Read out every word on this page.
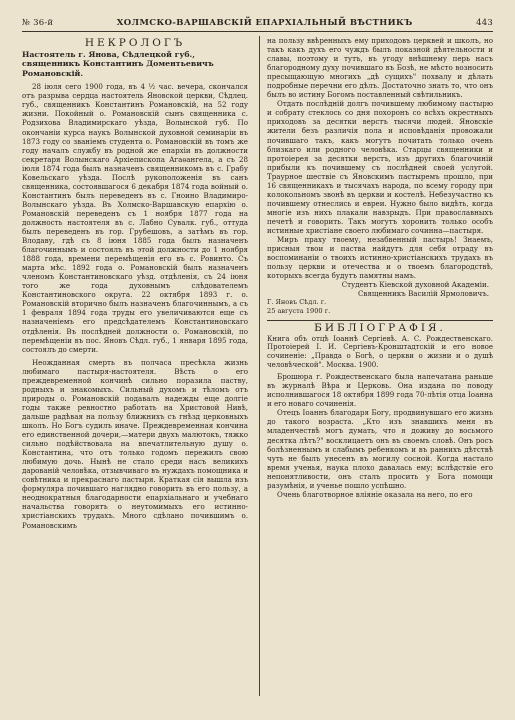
№ 36-й	ХОЛМСКО-ВАРШАВСКІЙ ЕПАРХІАЛЬНЫЙ ВѢСТНИКЪ	443
НЕКРОЛОГЪ
Настоятель г. Янова, Сѣдлецкой губ., священникъ Константинъ Доментьевичъ Романовскій.

28 іюля сего 1900 года, въ 4 ½ час. вечера, скончался отъ разрыва сердца настоятель Яновской церкви, Сѣдлец. губ., священникъ Константинъ Романовскій, на 52 году жизни. Покойный о. Романовскій сынъ священника с. Родзихова Владимирскаго уѣзда, Волынской губ. По окончаніи курса наукъ Волынской духовной семинаріи въ 1873 году со званіемъ студента о. Романовскій въ томъ же году началъ службу въ родной же епархіи въ должности секретаря Волынскаго Архіепископа Агаѳангела, а съ 28 іюля 1874 года былъ назначенъ священникомъ въ с. Грабу Ковельскаго уѣзда. Послѣ рукоположенія въ санъ священника, состоявшагося 6 декабря 1874 года войный о. Константинъ былъ переведенъ въ с. Гноино Владимиро-Волынскаго уѣзда. Въ Холмско-Варшавскую епархію о. Романовскій переведенъ съ 1 ноября 1877 года на должность настоятеля въ с. Лабно Сувалк. губ., оттуда былъ переведенъ въ гор. Грубешовъ, а затѣмъ въ гор. Влодаву, гдѣ съ 8 іюня 1885 года былъ назначенъ благочиннымъ и состоялъ въ этой должности до 1 ноября 1888 года, времени перемѣщенія его въ с. Ровинто. Съ марта мѣс. 1892 года о. Романовскій былъ назначенъ членомъ Константиновскаго уѣзд. отдѣленія, съ 24 іюня того же года духовнымъ слѣдователемъ Константиновского округа. 22 октября 1893 г. о. Романовскій вторично былъ назначенъ благочиннымъ, а съ 1 февраля 1894 года труды его увеличиваются еще съ назначеніемъ его предсѣдателемъ Константиновскаго отдѣленія. Въ послѣдней должности о. Романовскій, по перемѣщеніи въ пос. Яновъ Сѣдл. губ., 1 января 1895 года, состоялъ до смерти.

Неожданная смерть въ полчаса пресѣкла жизнь любимаго пастыря-настоятеля. Вѣсть о его преждевременной кончинѣ сильно поразила паству, родныхъ и знакомыхъ. Сильный духомъ и тѣломъ отъ природы о. Романовскій подавалъ надежды еще долгіе годы также ревностно работать на Христовой Нивѣ, дальше радѣвая на пользу ближнихъ съ гнѣзд церковныхъ школъ. Но Богъ судилъ иначе. Преждевременная кончина его единственной дочери,—матери двухъ малютокъ, тяжко сильно подѣйствовала на впечатлительную душу о. Константина, что отъ только годомъ пережилъ свою любимую дочь. Нынѣ не стало среди насъ великихъ дарованій человѣка, отзывчиваго въ нуждахъ помощника и совѣтника и прекраснаго пастыря. Краткая сія вышла изъ формуляра почившаго нагляднo говорить въ его пользу, а неоднократныя благодарности епархіальнаго и учебнаго начальства говорятъ о неутомимыхъ его истинно-христіанскихъ трудахъ. Много сдѣлано почившимъ о. Романовскимъ

на пользу ввѣренныхъ ему приходовъ церквей и школъ, но такъ какъ духъ его чуждъ былъ показной дѣятельности и славы, поэтому и тутъ, въ угоду внѣшнему перь насъ благородному духу почившаго въ Бозѣ, не мѣсто возносить пресыщающую многихъ „дѣ сущихъ" похвалу и дѣлать подробные перечни его дѣлъ. Достаточно знать то, что онъ былъ во истину Богомъ поставленный свѣтильникъ.

Отдать послѣдній долгъ почившему любимому пастырю и собрату стеклось со дня похоронъ со всѣхъ окрестныхъ приходовъ за десятки верстъ тысячи людей. Яновскіе жители безъ различія пола и исповѣданія провожали почившаго такъ, какъ могутъ почитать только очень близкаго или родного человѣка. Старцы священники и протоіерея за десятки верстъ, изъ другихъ благочиній прибыли къ почившему съ послѣдней своей услугой. Траурное шествіе съ Яновскимъ пастыремъ прошло, при 16 священникахъ и тысячахъ народа, по всему городу при колокольномъ звонѣ въ церкви и костелѣ. Небезучастно къ почившему отнеслись и евреи. Нужно было видѣть, когда многіе изъ нихъ плакали навзрыдъ. При православныхъ печетѣ и говорить. Такъ могутъ хоронить только особъ истинные христіане своего любимаго сочинна—пастыря.

Миръ праху твоему, незабвенный пастырь! Знаемъ, присныя твои и паства найдутъ для себя отраду въ воспоминаніи о твоихъ истинно-христіанскихъ трудахъ въ пользу церкви и отечества и о твоемъ благородствѣ, которыхъ всегда будутъ памятны намъ.

Студентъ Кіевской духовной Академіи.
Священникъ Василій Ярмоловичъ.
Г. Яновъ Сѣдл. г.
25 августа 1900 г.
БИБЛІОГРАФІЯ.
Книга объ отцѣ Іоаннѣ Сергіевѣ. А. С. Рождественскаго. Протоіерей І. И. Сергіевъ-Кронштадтскій и его новое сочиненіе: „Правда о Богѣ, о церкви о жизни и о душѣ человѣческой". Москва. 1900.

Брошюра г. Рождественскаго была напечатана раньше въ журналѣ Вѣра и Церковь. Она издана по поводу исполнившагося 18 октября 1899 года 70-лѣтія отца Іоанна и его новаго сочиненія.

Отецъ Іоаннъ благодаря Богу, продвинувшаго его жизнь до такого возраста. „Кто изъ знавшихъ меня въ младенчествѣ могъ думать, что я доживу до восьмого десятка лѣтъ?" восклицаетъ онъ въ своемъ словѣ. Онъ росъ болѣзненнымъ и слабымъ ребенкомъ и въ раннихъ дѣтствѣ чуть не былъ унесенъ въ могилу сосной. Когда настало время ученья, наука плохо давалась ему; вслѣдствіе его непонятливости, онъ сталъ просить у Бога помощи разумѣнія, и ученье пошло успѣшно.

Очень благотворное вліяніе оказала на него, по его
